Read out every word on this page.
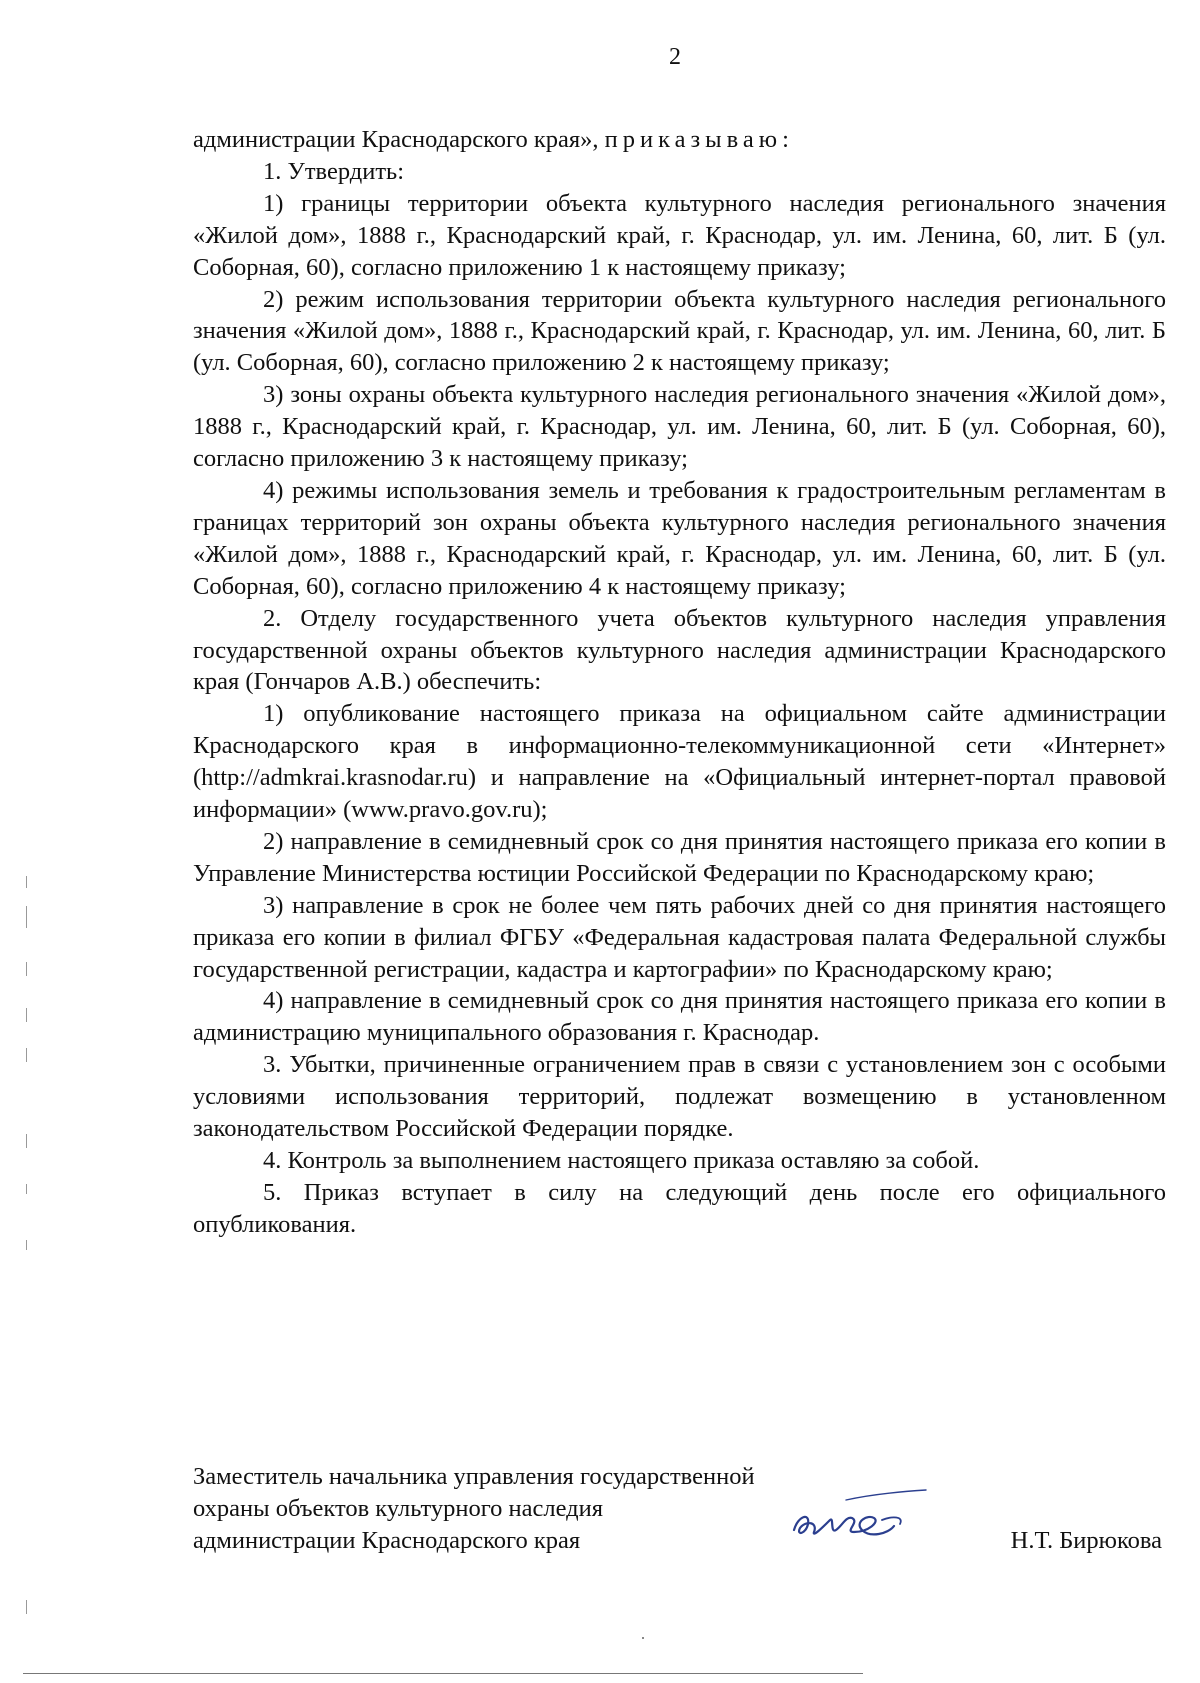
2

администрации Краснодарского края», приказываю:

1. Утвердить:

1) границы территории объекта культурного наследия регионального значения «Жилой дом», 1888 г., Краснодарский край, г. Краснодар, ул. им. Ленина, 60, лит. Б (ул. Соборная, 60), согласно приложению 1 к настоящему приказу;

2) режим использования территории объекта культурного наследия регионального значения «Жилой дом», 1888 г., Краснодарский край, г. Краснодар, ул. им. Ленина, 60, лит. Б (ул. Соборная, 60), согласно приложению 2 к настоящему приказу;

3) зоны охраны объекта культурного наследия регионального значения «Жилой дом», 1888 г., Краснодарский край, г. Краснодар, ул. им. Ленина, 60, лит. Б (ул. Соборная, 60), согласно приложению 3 к настоящему приказу;

4) режимы использования земель и требования к градостроительным регламентам в границах территорий зон охраны объекта культурного наследия регионального значения «Жилой дом», 1888 г., Краснодарский край, г. Краснодар, ул. им. Ленина, 60, лит. Б (ул. Соборная, 60), согласно приложению 4 к настоящему приказу;

2. Отделу государственного учета объектов культурного наследия управления государственной охраны объектов культурного наследия администрации Краснодарского края (Гончаров А.В.) обеспечить:

1) опубликование настоящего приказа на официальном сайте администрации Краснодарского края в информационно-телекоммуникационной сети «Интернет» (http://admkrai.krasnodar.ru) и направление на «Официальный интернет-портал правовой информации» (www.pravo.gov.ru);

2) направление в семидневный срок со дня принятия настоящего приказа его копии в Управление Министерства юстиции Российской Федерации по Краснодарскому краю;

3) направление в срок не более чем пять рабочих дней со дня принятия настоящего приказа его копии в филиал ФГБУ «Федеральная кадастровая палата Федеральной службы государственной регистрации, кадастра и картографии» по Краснодарскому краю;

4) направление в семидневный срок со дня принятия настоящего приказа его копии в администрацию муниципального образования г. Краснодар.

3. Убытки, причиненные ограничением прав в связи с установлением зон с особыми условиями использования территорий, подлежат возмещению в установленном законодательством Российской Федерации порядке.

4. Контроль за выполнением настоящего приказа оставляю за собой.

5. Приказ вступает в силу на следующий день после его официального опубликования.

Заместитель начальника управления государственной
охраны объектов культурного наследия
администрации Краснодарского края	Н.Т. Бирюкова
